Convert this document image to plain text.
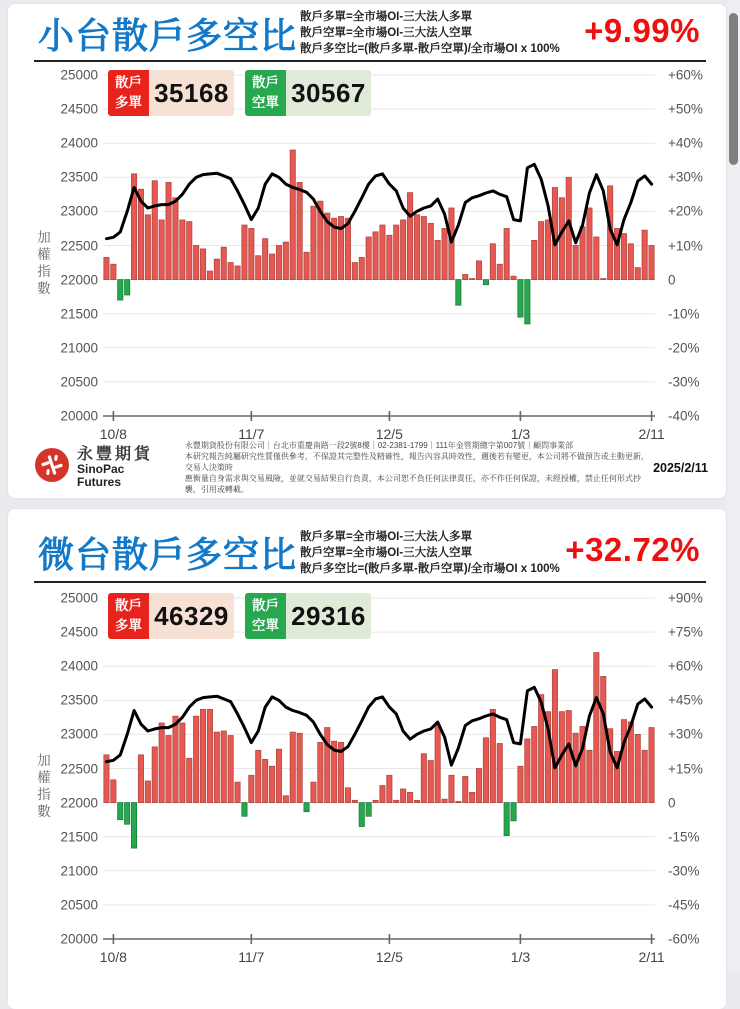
小台散戶多空比 散戶多單=全市場OI-三大法人多單
散戶空單=全市場OI-三大法人空單
散戶多空比=(散戶多單-散戶空單)/全市場OI x 100% +9.99%
25000	+60%
24500	+50%
24000	+40%
23500	+30%
23000	+20%
22500	+10%
22000	0
21500	-10%
21000	-20%
20500	-30%
20000	-40%
10/8	11/7	12/5	1/3	2/11
加
權
指
數
散戶
多單 35168	散戶
空單 30567
永豐期貨
SinoPac Futures
永豐期貨股份有限公司｜台北市重慶南路一段2號8樓｜02-2381-1799｜111年金管期總字第007號｜顧問事業部
本研究報告純屬研究性質僅供參考，不保證其完整性及精確性，報告內容具時效性，邇後若有變更，本公司將不做預告或主動更新，交易人決策時
應衡量自身需求與交易風險，並就交易結果自行負責，本公司恕不負任何法律責任，亦不作任何保證，未經授權，禁止任何形式抄襲，引用或轉載。
2025/2/11
微台散戶多空比 散戶多單=全市場OI-三大法人多單
散戶空單=全市場OI-三大法人空單
散戶多空比=(散戶多單-散戶空單)/全市場OI x 100%
+32.72%
25000	+90%
24500	+75%
24000	+60%
23500	+45%
23000	+30%
22500	+15%
22000	0
21500	-15%
21000	-30%
20500	-45%
20000	-60%
10/8	11/7	12/5	1/3	2/11
加
權
指
數
散戶
多單 46329	散戶
空單 29316
